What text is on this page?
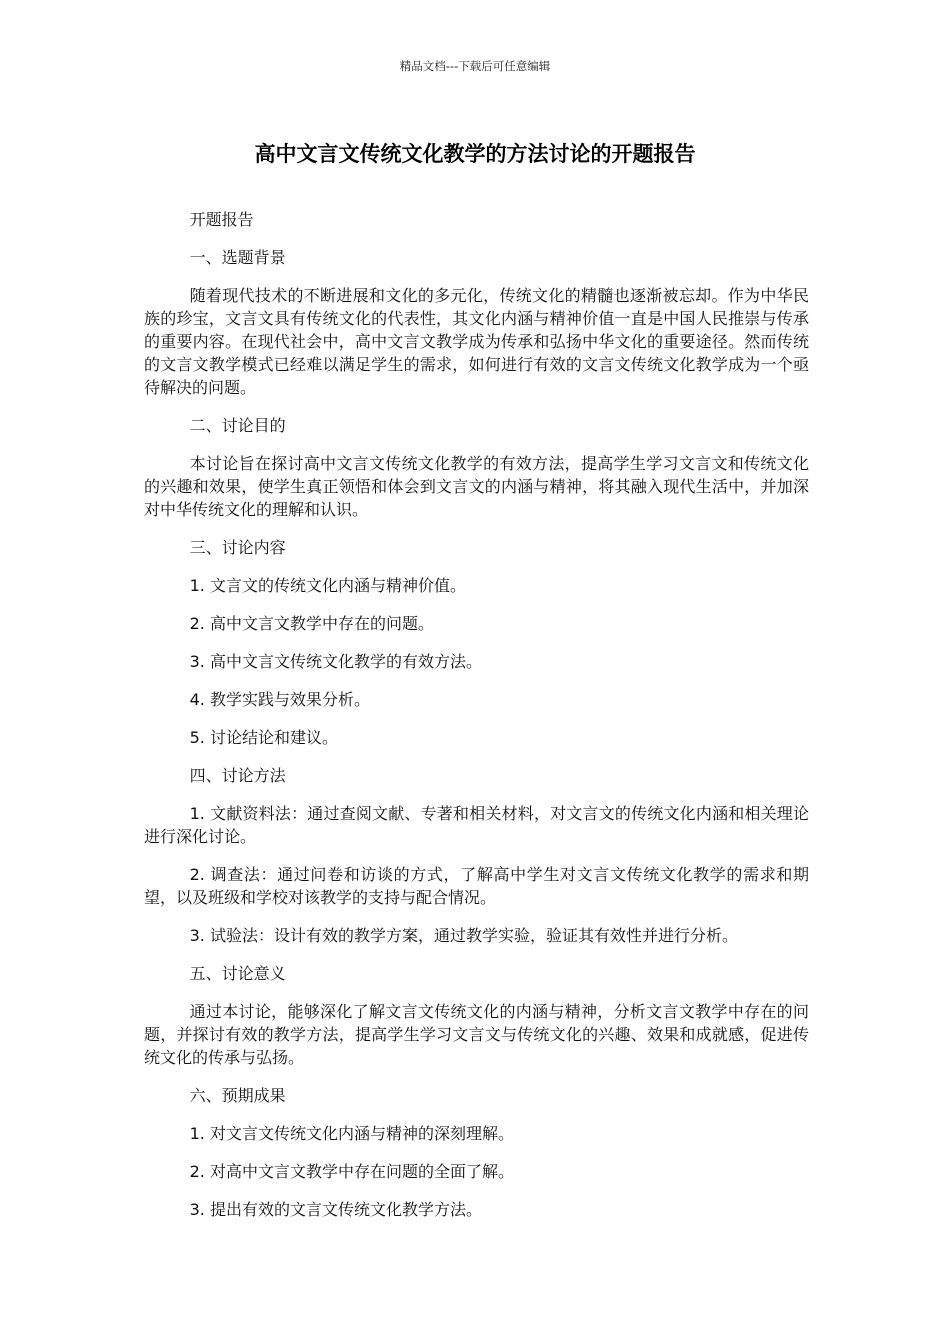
精品文档---下载后可任意编辑
高中文言文传统文化教学的方法讨论的开题报告

开题报告

一、选题背景

随着现代技术的不断进展和文化的多元化，传统文化的精髓也逐渐被忘却。作为中华民族的珍宝，文言文具有传统文化的代表性，其文化内涵与精神价值一直是中国人民推崇与传承的重要内容。在现代社会中，高中文言文教学成为传承和弘扬中华文化的重要途径。然而传统的文言文教学模式已经难以满足学生的需求，如何进行有效的文言文传统文化教学成为一个亟待解决的问题。

二、讨论目的

本讨论旨在探讨高中文言文传统文化教学的有效方法，提高学生学习文言文和传统文化的兴趣和效果，使学生真正领悟和体会到文言文的内涵与精神，将其融入现代生活中，并加深对中华传统文化的理解和认识。

三、讨论内容

1. 文言文的传统文化内涵与精神价值。

2. 高中文言文教学中存在的问题。

3. 高中文言文传统文化教学的有效方法。

4. 教学实践与效果分析。

5. 讨论结论和建议。

四、讨论方法

1. 文献资料法：通过查阅文献、专著和相关材料，对文言文的传统文化内涵和相关理论进行深化讨论。

2. 调查法：通过问卷和访谈的方式，了解高中学生对文言文传统文化教学的需求和期望，以及班级和学校对该教学的支持与配合情况。

3. 试验法：设计有效的教学方案，通过教学实验，验证其有效性并进行分析。

五、讨论意义

通过本讨论，能够深化了解文言文传统文化的内涵与精神，分析文言文教学中存在的问题，并探讨有效的教学方法，提高学生学习文言文与传统文化的兴趣、效果和成就感，促进传统文化的传承与弘扬。

六、预期成果

1. 对文言文传统文化内涵与精神的深刻理解。

2. 对高中文言文教学中存在问题的全面了解。

3. 提出有效的文言文传统文化教学方法。
